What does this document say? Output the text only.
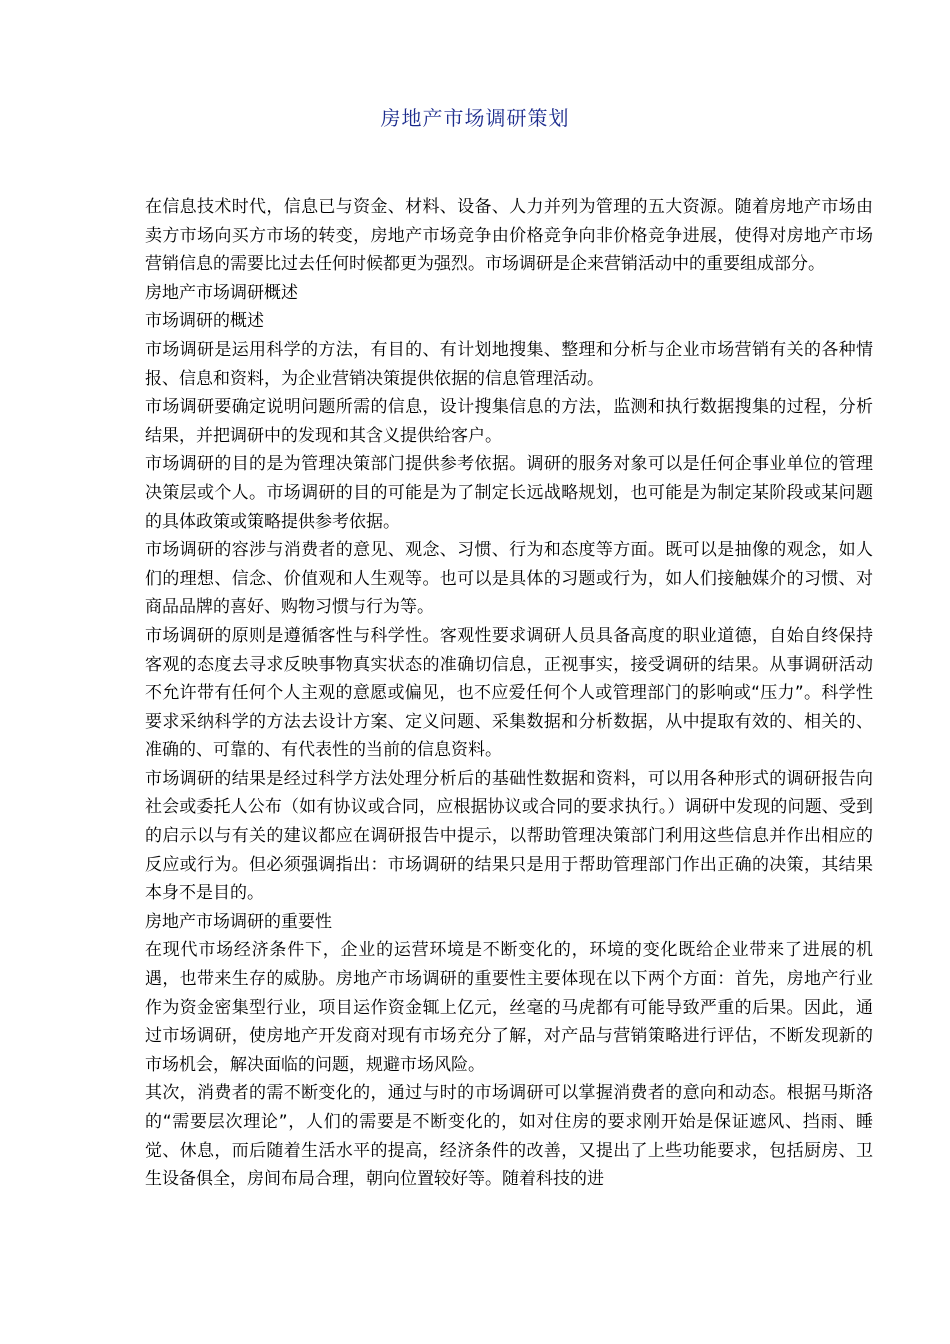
房地产市场调研策划

在信息技术时代，信息已与资金、材料、设备、人力并列为管理的五大资源。随着房地产市场由卖方市场向买方市场的转变，房地产市场竞争由价格竞争向非价格竞争进展，使得对房地产市场营销信息的需要比过去任何时候都更为强烈。市场调研是企来营销活动中的重要组成部分。

房地产市场调研概述

市场调研的概述

市场调研是运用科学的方法，有目的、有计划地搜集、整理和分析与企业市场营销有关的各种情报、信息和资料，为企业营销决策提供依据的信息管理活动。

市场调研要确定说明问题所需的信息，设计搜集信息的方法，监测和执行数据搜集的过程，分析结果，并把调研中的发现和其含义提供给客户。

市场调研的目的是为管理决策部门提供参考依据。调研的服务对象可以是任何企事业单位的管理决策层或个人。市场调研的目的可能是为了制定长远战略规划，也可能是为制定某阶段或某问题的具体政策或策略提供参考依据。

市场调研的容涉与消费者的意见、观念、习惯、行为和态度等方面。既可以是抽像的观念，如人们的理想、信念、价值观和人生观等。也可以是具体的习题或行为，如人们接触媒介的习惯、对商品品牌的喜好、购物习惯与行为等。

市场调研的原则是遵循客性与科学性。客观性要求调研人员具备高度的职业道德，自始自终保持客观的态度去寻求反映事物真实状态的准确切信息，正视事实，接受调研的结果。从事调研活动不允许带有任何个人主观的意愿或偏见，也不应爱任何个人或管理部门的影响或“压力”。科学性要求采纳科学的方法去设计方案、定义问题、采集数据和分析数据，从中提取有效的、相关的、准确的、可靠的、有代表性的当前的信息资料。

市场调研的结果是经过科学方法处理分析后的基础性数据和资料，可以用各种形式的调研报告向社会或委托人公布（如有协议或合同，应根据协议或合同的要求执行。）调研中发现的问题、受到的启示以与有关的建议都应在调研报告中提示，以帮助管理决策部门利用这些信息并作出相应的反应或行为。但必须强调指出：市场调研的结果只是用于帮助管理部门作出正确的决策，其结果本身不是目的。

房地产市场调研的重要性

在现代市场经济条件下，企业的运营环境是不断变化的，环境的变化既给企业带来了进展的机遇，也带来生存的威胁。房地产市场调研的重要性主要体现在以下两个方面：首先，房地产行业作为资金密集型行业，项目运作资金辄上亿元，丝毫的马虎都有可能导致严重的后果。因此，通过市场调研，使房地产开发商对现有市场充分了解，对产品与营销策略进行评估，不断发现新的市场机会，解决面临的问题，规避市场风险。

其次，消费者的需不断变化的，通过与时的市场调研可以掌握消费者的意向和动态。根据马斯洛的“需要层次理论”，人们的需要是不断变化的，如对住房的要求刚开始是保证遮风、挡雨、睡觉、休息，而后随着生活水平的提高，经济条件的改善，又提出了上些功能要求，包括厨房、卫生设备俱全，房间布局合理，朝向位置较好等。随着科技的进
